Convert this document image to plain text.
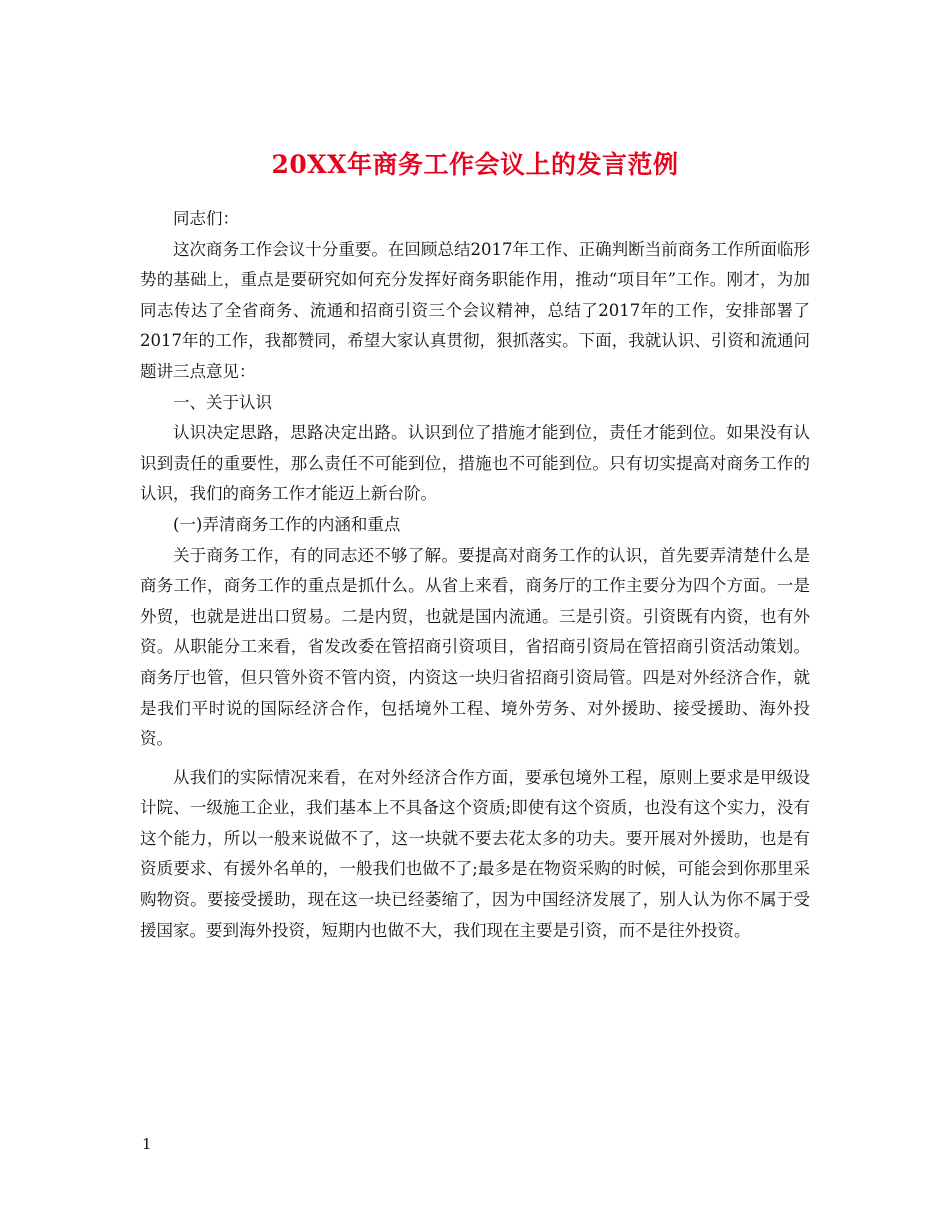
20XX年商务工作会议上的发言范例

同志们：

这次商务工作会议十分重要。在回顾总结2017年工作、正确判断当前商务工作所面临形势的基础上，重点是要研究如何充分发挥好商务职能作用，推动“项目年”工作。刚才，为加同志传达了全省商务、流通和招商引资三个会议精神，总结了2017年的工作，安排部署了2017年的工作，我都赞同，希望大家认真贯彻，狠抓落实。下面，我就认识、引资和流通问题讲三点意见：

一、关于认识

认识决定思路，思路决定出路。认识到位了措施才能到位，责任才能到位。如果没有认识到责任的重要性，那么责任不可能到位，措施也不可能到位。只有切实提高对商务工作的认识，我们的商务工作才能迈上新台阶。

(一)弄清商务工作的内涵和重点

关于商务工作，有的同志还不够了解。要提高对商务工作的认识，首先要弄清楚什么是商务工作，商务工作的重点是抓什么。从省上来看，商务厅的工作主要分为四个方面。一是外贸，也就是进出口贸易。二是内贸，也就是国内流通。三是引资。引资既有内资，也有外资。从职能分工来看，省发改委在管招商引资项目，省招商引资局在管招商引资活动策划。商务厅也管，但只管外资不管内资，内资这一块归省招商引资局管。四是对外经济合作，就是我们平时说的国际经济合作，包括境外工程、境外劳务、对外援助、接受援助、海外投资。

从我们的实际情况来看，在对外经济合作方面，要承包境外工程，原则上要求是甲级设计院、一级施工企业，我们基本上不具备这个资质;即使有这个资质，也没有这个实力，没有这个能力，所以一般来说做不了，这一块就不要去花太多的功夫。要开展对外援助，也是有资质要求、有援外名单的，一般我们也做不了;最多是在物资采购的时候，可能会到你那里采购物资。要接受援助，现在这一块已经萎缩了，因为中国经济发展了，别人认为你不属于受援国家。要到海外投资，短期内也做不大，我们现在主要是引资，而不是往外投资。

1
